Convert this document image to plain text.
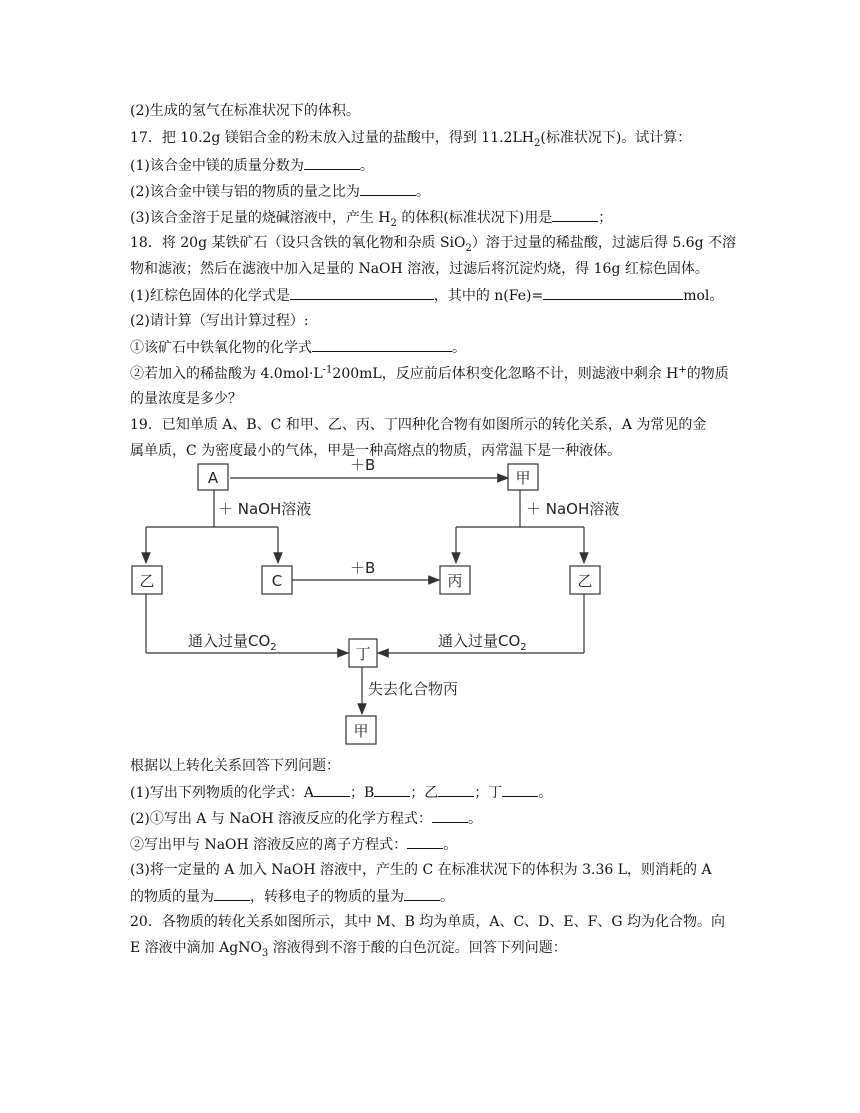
(2)生成的氢气在标准状况下的体积。
17．把 10.2g 镁铝合金的粉末放入过量的盐酸中，得到 $11.2LH_2$(标准状况下)。试计算：
(1)该合金中镁的质量分数为	。
(2)该合金中镁与铝的物质的量之比为	。
(3)该合金溶于足量的烧碱溶液中，产生 $H_2$ 的体积(标准状况下)用是	；
18．将 20g 某铁矿石（设只含铁的氧化物和杂质 SiO$_2$）溶于过量的稀盐酸，过滤后得 5.6g 不溶
物和滤液；然后在滤液中加入足量的 NaOH 溶液，过滤后将沉淀灼烧，得 16g 红棕色固体。
(1)红棕色固体的化学式是	，其中的 n(Fe)=	mol。
(2)请计算（写出计算过程）:
①该矿石中铁氧化物的化学式	。
②若加入的稀盐酸为 $4.0mol\cdot L^{-1}200mL$，反应前后体积变化忽略不计，则滤液中剩余 H+的物质
的量浓度是多少？
19．已知单质 A、B、C 和甲、乙、丙、丁四种化合物有如图所示的转化关系，A 为常见的金
属单质，C 为密度最小的气体，甲是一种高熔点的物质，丙常温下是一种液体。
A	甲
乙	C	丙	乙
丁
甲
＋B
＋B
＋ NaOH溶液	＋ NaOH溶液
通入过量$CO_2$	通入过量$CO_2$
失去化合物丙
根据以上转化关系回答下列问题：
(1)写出下列物质的化学式：A	；B	；乙	；丁	。
(2)①写出 A 与 NaOH 溶液反应的化学方程式：	。
②写出甲与 NaOH 溶液反应的离子方程式：	。
(3)将一定量的 A 加入 NaOH 溶液中，产生的 C 在标准状况下的体积为 3.36 L，则消耗的 A
的物质的量为	，转移电子的物质的量为	。
20．各物质的转化关系如图所示，其中 M、B 均为单质，A、C、D、E、F、G 均为化合物。向
E 溶液中滴加 AgNO$_3$ 溶液得到不溶于酸的白色沉淀。回答下列问题：
